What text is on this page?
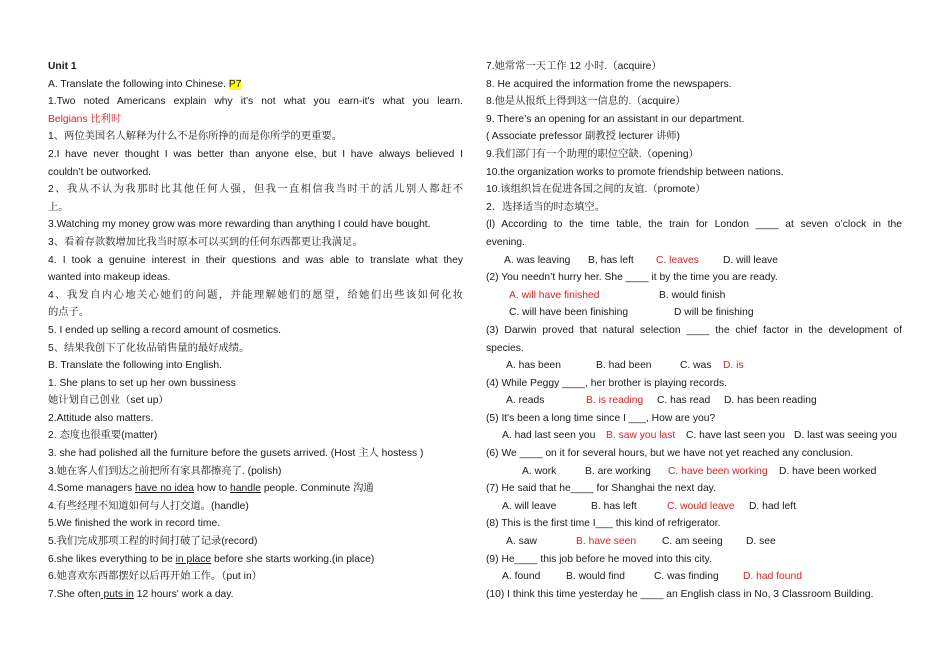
Unit 1
A. Translate the following into Chinese. P7
1.Two noted Americans explain why it’s not what you earn-it's what you learn.
Belgians 比利时
1、两位美国名人解释为什么不是你所挣的而是你所学的更重要。
2.I have never thought I was better than anyone else, but I have always believed I
couldn’t be outworked.
2、我从不认为我那时比其他任何人强，但我一直相信我当时干的活儿别人都赶不
上。
3.Watching my money grow was more rewarding than anything I could have bought.
3、看着存款数增加比我当时原本可以买到的任何东西都更让我满足。
4. I took a genuine interest in their questions and was able to translate what they
wanted into makeup ideas.
4、我发自内心地关心她们的问题，并能理解她们的愿望，给她们出些该如何化妆
的点子。
5. I ended up selling a record amount of cosmetics.
5、结果我创下了化妆品销售量的最好成绩。
B. Translate the following into English.
1. She plans to set up her own bussiness
她计划自己创业（set up）
2.Attitude also matters.
2. 态度也很重要(matter)
3. she had polished all the furniture before the gusets arrived. (Host 主人 hostess )
3.她在客人们到达之前把所有家具都擦亮了. (polish)
4.Some managers have no idea how to handle people. Conminute 沟通
4.有些经理不知道如何与人打交道。(handle)
5.We finished the work in record time.
5.我们完成那项工程的时间打破了记录(record)
6.she likes everything to be in place before she starts working.(in place)
6.她喜欢东西都摆好以后再开始工作。（put in）
7.She often puts in 12 hours' work a day.
7.她常常一天工作 12 小时.（acquire）
8. He acquired the information frome the newspapers.
8.他是从报纸上得到这一信息的.（acquire）
9. There’s an opening for an assistant in our department.
( Associate prefessor 副教授 lecturer 讲师)
9.我们部门有一个助理的职位空缺.（opening）
10.the organization works to promote friendship between nations.
10.该组织旨在促进各国之间的友谊.（promote）
2．选择适当的时态填空。
(l) According to the time table, the train for London ____ at seven o’clock in the
evening.
A. was leaving B, has left C. leaves D. will leave
(2) You needn’t hurry her. She ____ it by the time you are ready.
A. will have finished	B. would finish
C. will have been finishing	D will be finishing
(3) Darwin proved that natural selection ____ the chief factor in the development of
species.
A. has been	B. had been	C. was D. is
(4) While Peggy ____, her brother is playing records.
A. reads	B. is reading C. has read D. has been reading
(5) It's been a long time since I ___, How are you?
A. had last seen you B. saw you last C. have last seen you D. last was seeing you
(6) We ____ on it for several hours, but we have not yet reached any conclusion.
A. work	B. are working C. have been working D. have been worked
(7) He said that he____ for Shanghai the next day.
A. will leave	B. has left	C. would leave D. had left
(8) This is the first time I___ this kind of refrigerator.
A. saw	B. have seen	C. am seeing D. see
(9) He____ this job before he moved into this city.
A. found B. would find	C. was finding D. had found
(10) I think this time yesterday he ____ an English class in No, 3 Classroom Building.
